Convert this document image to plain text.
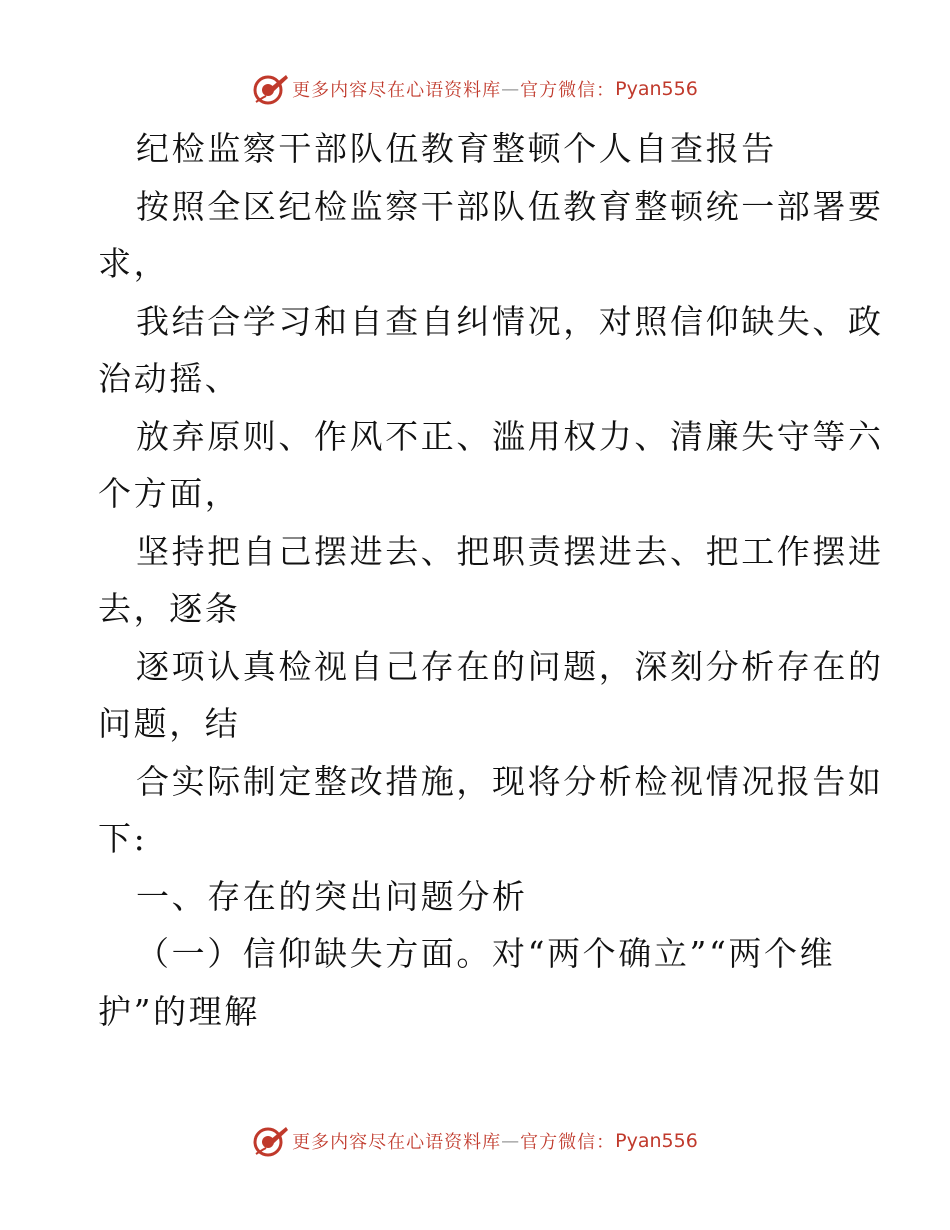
更多内容尽在心语资料库 — 官方微信： Pyan556
纪检监察干部队伍教育整顿个人自查报告
按照全区纪检监察干部队伍教育整顿统一部署要
求，
我结合学习和自查自纠情况，对照信仰缺失、政
治动摇、
放弃原则、作风不正、滥用权力、清廉失守等六
个方面，
坚持把自己摆进去、把职责摆进去、把工作摆进
去，逐条
逐项认真检视自己存在的问题，深刻分析存在的
问题，结
合实际制定整改措施，现将分析检视情况报告如
下:
一、存在的突出问题分析
（一）信仰缺失方面。对“两个确立”“两个维
护”的理解
更多内容尽在心语资料库 — 官方微信： Pyan556
